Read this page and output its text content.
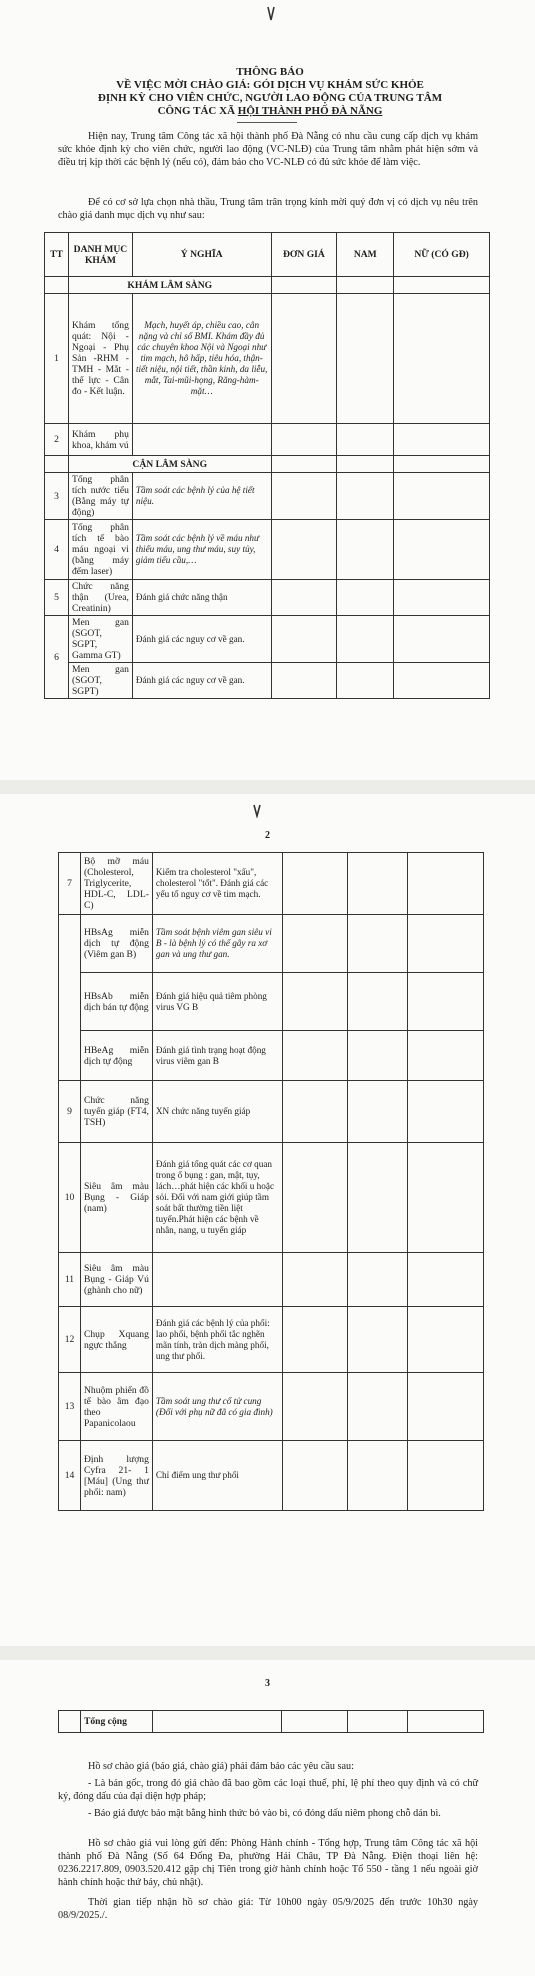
THÔNG BÁO
VỀ VIỆC MỜI CHÀO GIÁ: GÓI DỊCH VỤ KHÁM SỨC KHỎE
ĐỊNH KỲ CHO VIÊN CHỨC, NGƯỜI LAO ĐỘNG CỦA TRUNG TÂM
CÔNG TÁC XÃ HỘI THÀNH PHỐ ĐÀ NẴNG
Hiện nay, Trung tâm Công tác xã hội thành phố Đà Nẵng có nhu cầu cung cấp dịch vụ khám sức khỏe định kỳ cho viên chức, người lao động (VC-NLĐ) của Trung tâm nhằm phát hiện sớm và điều trị kịp thời các bệnh lý (nếu có), đảm bảo cho VC-NLĐ có đủ sức khỏe để làm việc.
Để có cơ sở lựa chọn nhà thầu, Trung tâm trân trọng kính mời quý đơn vị có dịch vụ nêu trên chào giá danh mục dịch vụ như sau:
TT	DANH MỤC KHÁM	Ý NGHĨA	ĐƠN GIÁ	NAM	NỮ (CÓ GĐ)
	KHÁM LÂM SÀNG				
1	Khám tổng quát: Nội - Ngoại - Phụ Sản -RHM - TMH - Mắt - thể lực - Cân đo - Kết luận.	Mạch, huyết áp, chiều cao, cân nặng và chỉ số BMI. Khám đầy đủ các chuyên khoa Nội và Ngoại như tim mạch, hô hấp, tiêu hóa, thận-tiết niệu, nội tiết, thần kinh, da liễu, mắt, Tai-mũi-họng, Răng-hàm-mặt…			
2	Khám phụ khoa, khám vú				
	CẬN LÂM SÀNG				
3	Tổng phân tích nước tiểu (Bằng máy tự động)	Tầm soát các bệnh lý của hệ tiết niệu.			
4	Tổng phân tích tế bào máu ngoại vi (bằng máy đếm laser)	Tầm soát các bệnh lý về máu như thiếu máu, ung thư máu, suy tủy, giảm tiểu cầu,…			
5	Chức năng thận (Urea, Creatinin)	Đánh giá chức năng thận			
6	Men gan (SGOT, SGPT, Gamma GT)	Đánh giá các nguy cơ về gan.			
	Men gan (SGOT, SGPT)	Đánh giá các nguy cơ về gan.			
2
7	Bộ mỡ máu (Cholesterol, Triglycerite, HDL-C, LDL-C)	Kiểm tra cholesterol "xấu", cholesterol "tốt". Đánh giá các yếu tố nguy cơ về tim mạch.			
	HBsAg miễn dịch tự động (Viêm gan B)	Tầm soát bệnh viêm gan siêu vi B - là bệnh lý có thể gây ra xơ gan và ung thư gan.			
	HBsAb miễn dịch bán tự động	Đánh giá hiệu quả tiêm phòng virus VG B			
	HBeAg miễn dịch tự động	Đánh giá tình trạng hoạt động virus viêm gan B			
9	Chức năng tuyến giáp (FT4, TSH)	XN chức năng tuyến giáp			
10	Siêu âm màu Bụng - Giáp (nam)	Đánh giá tổng quát các cơ quan trong ổ bụng : gan, mật, tụy, lách…phát hiện các khối u hoặc sỏi. Đối với nam giới giúp tầm soát bất thường tiền liệt tuyến.Phát hiện các bệnh về nhân, nang, u tuyến giáp			
11	Siêu âm màu Bụng - Giáp Vú (ghành cho nữ)				
12	Chụp Xquang ngực thẳng	Đánh giá các bệnh lý của phổi: lao phổi, bệnh phổi tắc nghẽn mãn tính, tràn dịch màng phổi, ung thư phổi.			
13	Nhuộm phiến đồ tế bào âm đạo theo Papanicolaou	Tầm soát ung thư cổ tử cung (Đối với phụ nữ đã có gia đình)			
14	Định lượng Cyfra 21- 1 [Máu] (Ung thư phổi: nam)	Chỉ điểm ung thư phổi			
3
	Tổng cộng				
Hồ sơ chào giá (báo giá, chào giá) phải đảm bảo các yêu cầu sau:
- Là bản gốc, trong đó giá chào đã bao gồm các loại thuế, phí, lệ phí theo quy định và có chữ ký, đóng dấu của đại diện hợp pháp;
- Báo giá được bảo mật bằng hình thức bỏ vào bì, có đóng dấu niêm phong chỗ dán bì.
Hồ sơ chào giá vui lòng gửi đến: Phòng Hành chính - Tổng hợp, Trung tâm Công tác xã hội thành phố Đà Nẵng (Số 64 Đống Đa, phường Hải Châu, TP Đà Nẵng. Điện thoại liên hệ: 0236.2217.809, 0903.520.412 gặp chị Tiên trong giờ hành chính hoặc Tổ 550 - tầng 1 nếu ngoài giờ hành chính hoặc thứ bảy, chủ nhật).
Thời gian tiếp nhận hồ sơ chào giá: Từ 10h00 ngày 05/9/2025 đến trước 10h30 ngày 08/9/2025./.
